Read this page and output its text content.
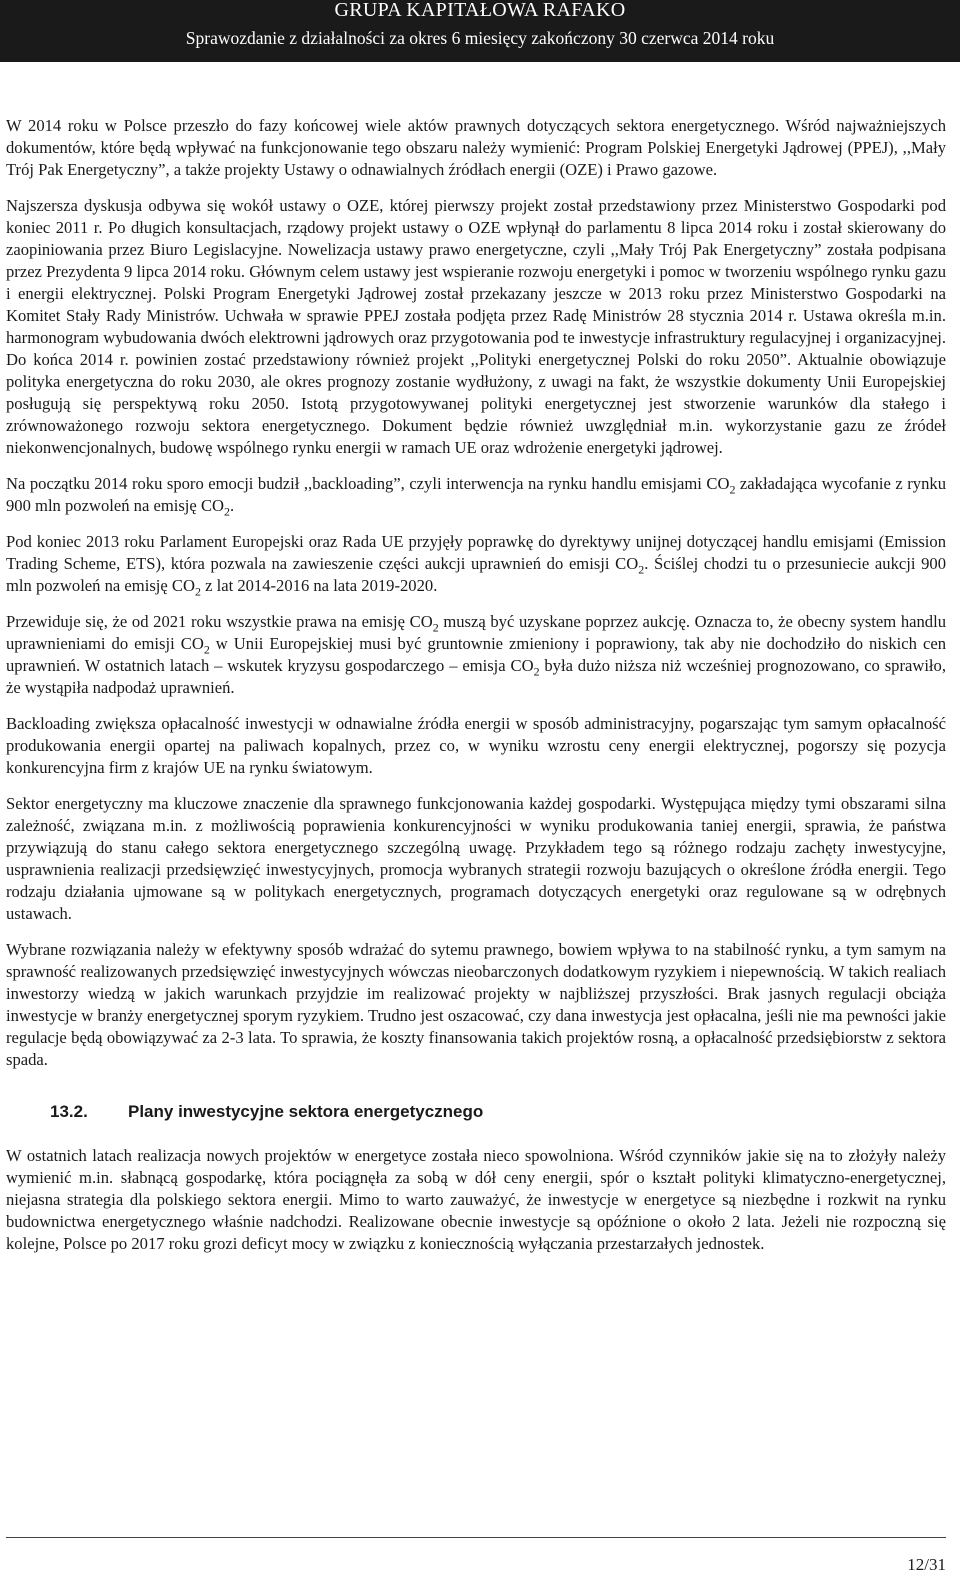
GRUPA KAPITAŁOWA RAFAKO
Sprawozdanie z działalności za okres 6 miesięcy zakończony 30 czerwca 2014 roku

W 2014 roku w Polsce przeszło do fazy końcowej wiele aktów prawnych dotyczących sektora energetycznego. Wśród najważniejszych dokumentów, które będą wpływać na funkcjonowanie tego obszaru należy wymienić: Program Polskiej Energetyki Jądrowej (PPEJ), ,,Mały Trój Pak Energetyczny”, a także projekty Ustawy o odnawialnych źródłach energii (OZE) i Prawo gazowe.

Najszersza dyskusja odbywa się wokół ustawy o OZE, której pierwszy projekt został przedstawiony przez Ministerstwo Gospodarki pod koniec 2011 r. Po długich konsultacjach, rządowy projekt ustawy o OZE wpłynął do parlamentu 8 lipca 2014 roku i został skierowany do zaopiniowania przez Biuro Legislacyjne. Nowelizacja ustawy prawo energetyczne, czyli ,,Mały Trój Pak Energetyczny” została podpisana przez Prezydenta 9 lipca 2014 roku. Głównym celem ustawy jest wspieranie rozwoju energetyki i pomoc w tworzeniu wspólnego rynku gazu i energii elektrycznej. Polski Program Energetyki Jądrowej został przekazany jeszcze w 2013 roku przez Ministerstwo Gospodarki na Komitet Stały Rady Ministrów. Uchwała w sprawie PPEJ została podjęta przez Radę Ministrów 28 stycznia 2014 r. Ustawa określa m.in. harmonogram wybudowania dwóch elektrowni jądrowych oraz przygotowania pod te inwestycje infrastruktury regulacyjnej i organizacyjnej. Do końca 2014 r. powinien zostać przedstawiony również projekt ,,Polityki energetycznej Polski do roku 2050”. Aktualnie obowiązuje polityka energetyczna do roku 2030, ale okres prognozy zostanie wydłużony, z uwagi na fakt, że wszystkie dokumenty Unii Europejskiej posługują się perspektywą roku 2050. Istotą przygotowywanej polityki energetycznej jest stworzenie warunków dla stałego i zrównoważonego rozwoju sektora energetycznego. Dokument będzie również uwzględniał m.in. wykorzystanie gazu ze źródeł niekonwencjonalnych, budowę wspólnego rynku energii w ramach UE oraz wdrożenie energetyki jądrowej.

Na początku 2014 roku sporo emocji budził ,,backloading”, czyli interwencja na rynku handlu emisjami $CO_2$ zakładająca wycofanie z rynku 900 mln pozwoleń na emisję $CO_2$.

Pod koniec 2013 roku Parlament Europejski oraz Rada UE przyjęły poprawkę do dyrektywy unijnej dotyczącej handlu emisjami (Emission Trading Scheme, ETS), która pozwala na zawieszenie części aukcji uprawnień do emisji $CO_2$. Ściślej chodzi tu o przesuniecie aukcji 900 mln pozwoleń na emisję $CO_2$ z lat 2014-2016 na lata 2019-2020.

Przewiduje się, że od 2021 roku wszystkie prawa na emisję $CO_2$ muszą być uzyskane poprzez aukcję. Oznacza to, że obecny system handlu uprawnieniami do emisji $CO_2$ w Unii Europejskiej musi być gruntownie zmieniony i poprawiony, tak aby nie dochodziło do niskich cen uprawnień. W ostatnich latach – wskutek kryzysu gospodarczego – emisja $CO_2$ była dużo niższa niż wcześniej prognozowano, co sprawiło, że wystąpiła nadpodaż uprawnień.

Backloading zwiększa opłacalność inwestycji w odnawialne źródła energii w sposób administracyjny, pogarszając tym samym opłacalność produkowania energii opartej na paliwach kopalnych, przez co, w wyniku wzrostu ceny energii elektrycznej, pogorszy się pozycja konkurencyjna firm z krajów UE na rynku światowym.

Sektor energetyczny ma kluczowe znaczenie dla sprawnego funkcjonowania każdej gospodarki. Występująca między tymi obszarami silna zależność, związana m.in. z możliwością poprawienia konkurencyjności w wyniku produkowania taniej energii, sprawia, że państwa przywiązują do stanu całego sektora energetycznego szczególną uwagę. Przykładem tego są różnego rodzaju zachęty inwestycyjne, usprawnienia realizacji przedsięwzięć inwestycyjnych, promocja wybranych strategii rozwoju bazujących o określone źródła energii. Tego rodzaju działania ujmowane są w politykach energetycznych, programach dotyczących energetyki oraz regulowane są w odrębnych ustawach.

Wybrane rozwiązania należy w efektywny sposób wdrażać do sytemu prawnego, bowiem wpływa to na stabilność rynku, a tym samym na sprawność realizowanych przedsięwzięć inwestycyjnych wówczas nieobarczonych dodatkowym ryzykiem i niepewnością. W takich realiach inwestorzy wiedzą w jakich warunkach przyjdzie im realizować projekty w najbliższej przyszłości. Brak jasnych regulacji obciąża inwestycje w branży energetycznej sporym ryzykiem. Trudno jest oszacować, czy dana inwestycja jest opłacalna, jeśli nie ma pewności jakie regulacje będą obowiązywać za 2-3 lata. To sprawia, że koszty finansowania takich projektów rosną, a opłacalność przedsiębiorstw z sektora spada.

13.2. Plany inwestycyjne sektora energetycznego

W ostatnich latach realizacja nowych projektów w energetyce została nieco spowolniona. Wśród czynników jakie się na to złożyły należy wymienić m.in. słabnącą gospodarkę, która pociągnęła za sobą w dół ceny energii, spór o kształt polityki klimatyczno-energetycznej, niejasna strategia dla polskiego sektora energii. Mimo to warto zauważyć, że inwestycje w energetyce są niezbędne i rozkwit na rynku budownictwa energetycznego właśnie nadchodzi. Realizowane obecnie inwestycje są opóźnione o około 2 lata. Jeżeli nie rozpoczną się kolejne, Polsce po 2017 roku grozi deficyt mocy w związku z koniecznością wyłączania przestarzałych jednostek.

12/31
